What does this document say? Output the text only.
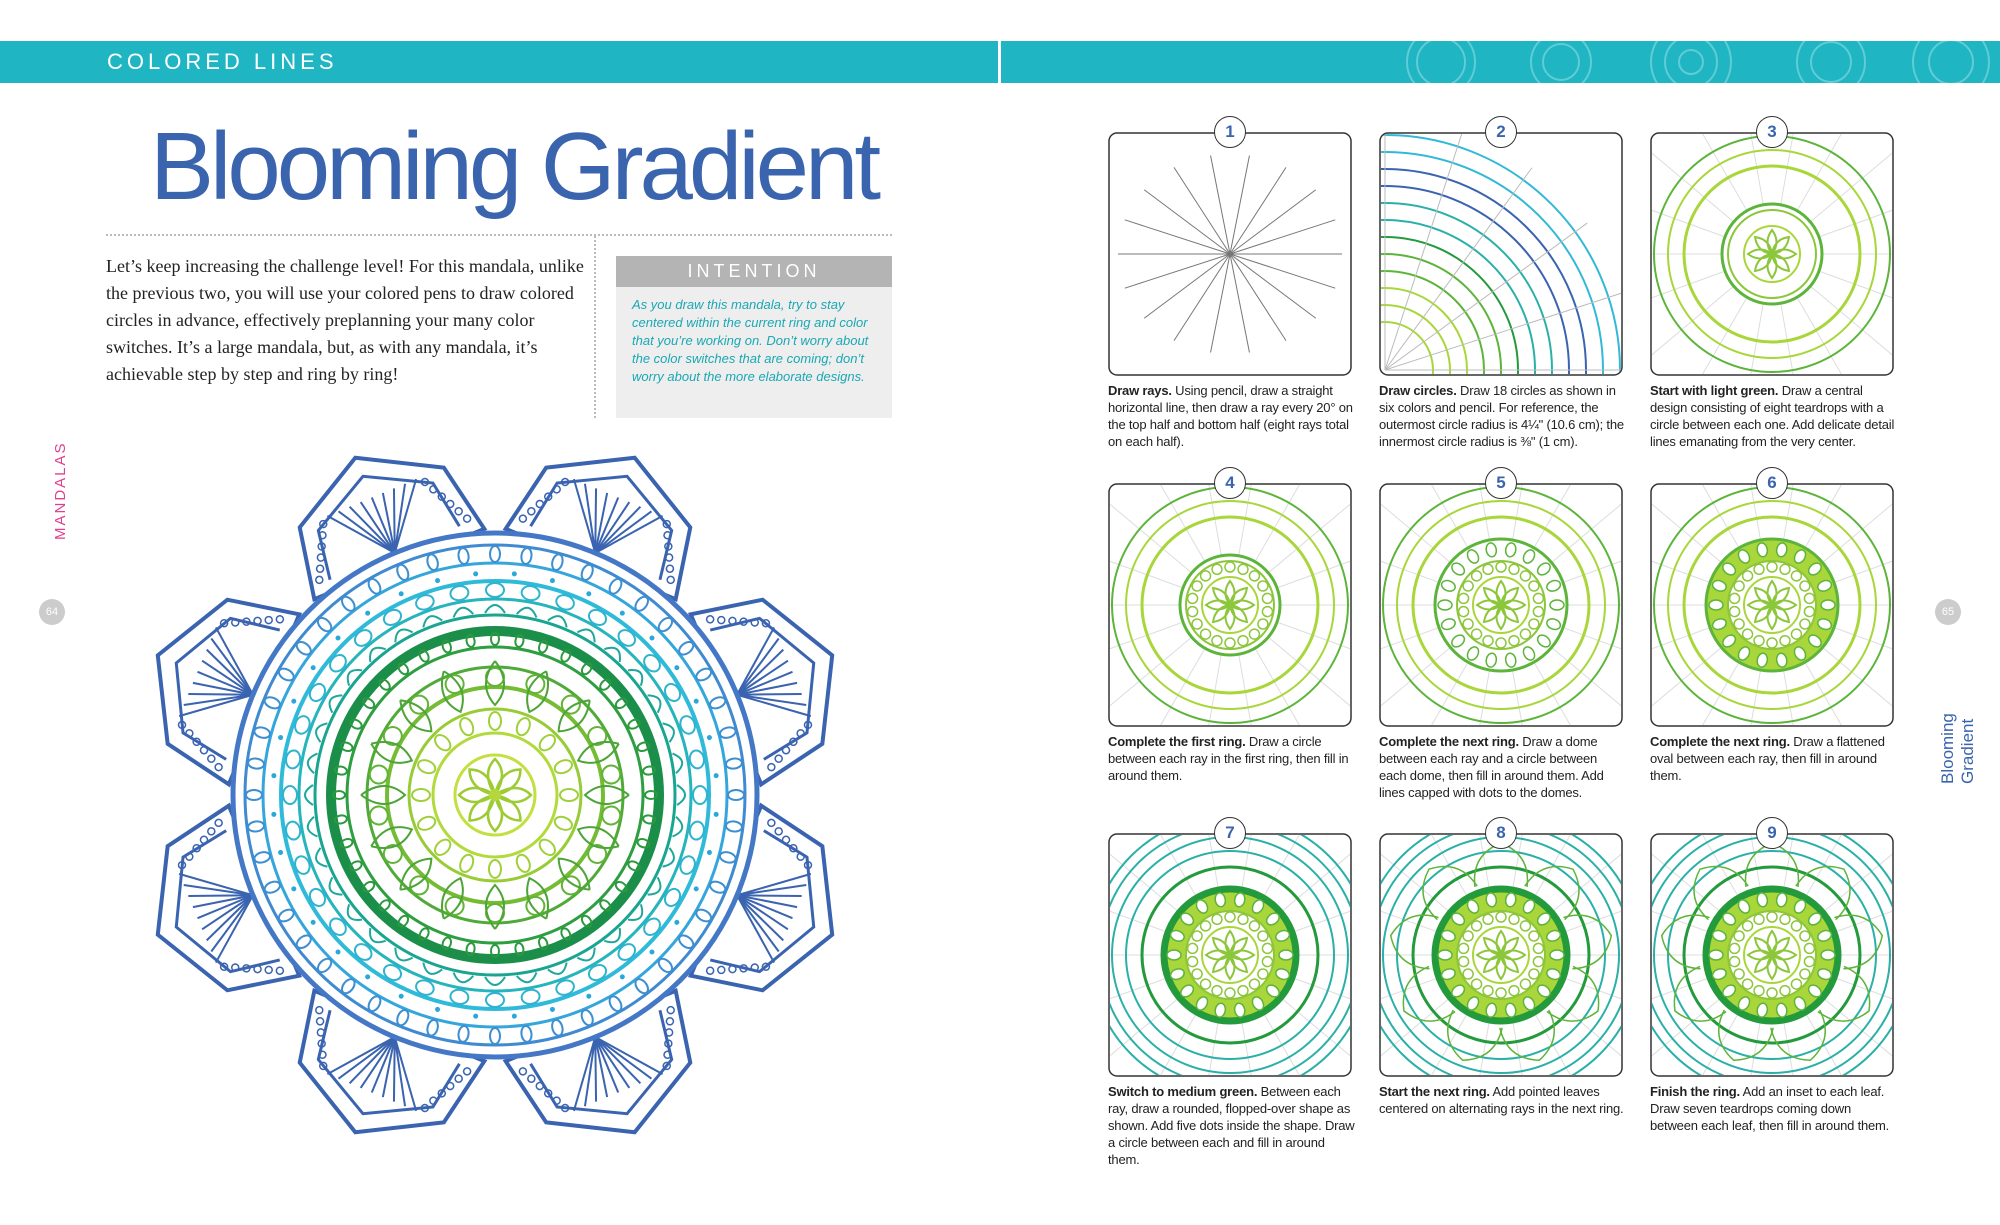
COLORED LINES
Blooming Gradient

Let’s keep increasing the challenge level! For this mandala, unlike the previous two, you will use your colored pens to draw colored circles in advance, effectively preplanning your many color switches. It’s a large mandala, but, as with any mandala, it’s achievable step by step and ring by ring!

INTENTION

As you draw this mandala, try to stay centered within the current ring and color that you’re working on. Don’t worry about the color switches that are coming; don’t worry about the more elaborate designs.

MANDALAS
64
Blooming Gradient
65
1

Draw rays. Using pencil, draw a straight horizontal line, then draw a ray every 20° on the top half and bottom half (eight rays total on each half).

2

Draw circles. Draw 18 circles as shown in six colors and pencil. For reference, the outermost circle radius is 4¼" (10.6 cm); the innermost circle radius is ⅜" (1 cm).

3

Start with light green. Draw a central design consisting of eight teardrops with a circle between each one. Add delicate detail lines emanating from the very center.

4

Complete the first ring. Draw a circle between each ray in the first ring, then fill in around them.

5

Complete the next ring. Draw a dome between each ray and a circle between each dome, then fill in around them. Add lines capped with dots to the domes.

6

Complete the next ring. Draw a flattened oval between each ray, then fill in around them.

7

Switch to medium green. Between each ray, draw a rounded, flopped-over shape as shown. Add five dots inside the shape. Draw a circle between each and fill in around them.

8

Start the next ring. Add pointed leaves centered on alternating rays in the next ring.

9

Finish the ring. Add an inset to each leaf. Draw seven teardrops coming down between each leaf, then fill in around them.
